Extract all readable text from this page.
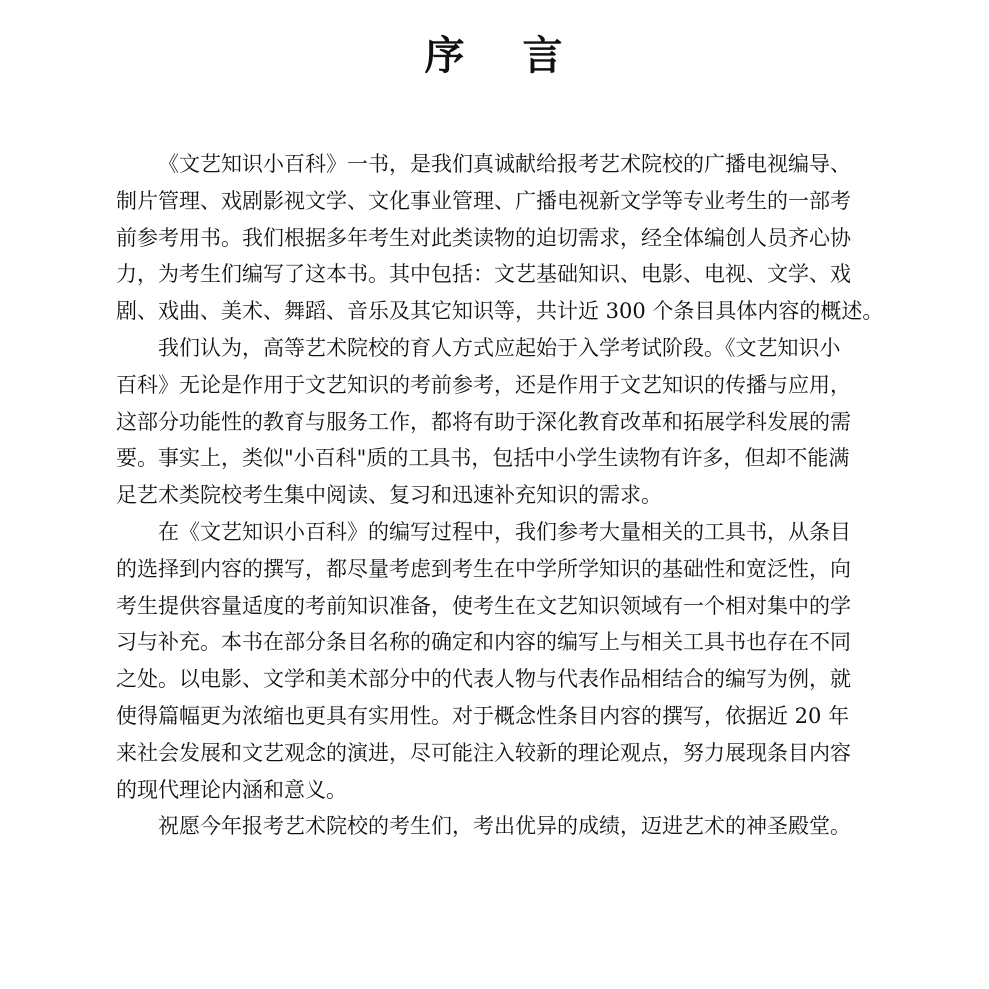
序 言
《文艺知识小百科》一书，是我们真诚献给报考艺术院校的广播电视编导、
制片管理、戏剧影视文学、文化事业管理、广播电视新文学等专业考生的一部考
前参考用书。我们根据多年考生对此类读物的迫切需求，经全体编创人员齐心协
力，为考生们编写了这本书。其中包括：文艺基础知识、电影、电视、文学、戏
剧、戏曲、美术、舞蹈、音乐及其它知识等，共计近 300 个条目具体内容的概述。
我们认为，高等艺术院校的育人方式应起始于入学考试阶段。《文艺知识小
百科》无论是作用于文艺知识的考前参考，还是作用于文艺知识的传播与应用，
这部分功能性的教育与服务工作，都将有助于深化教育改革和拓展学科发展的需
要。事实上，类似"小百科"质的工具书，包括中小学生读物有许多，但却不能满
足艺术类院校考生集中阅读、复习和迅速补充知识的需求。
在《文艺知识小百科》的编写过程中，我们参考大量相关的工具书，从条目
的选择到内容的撰写，都尽量考虑到考生在中学所学知识的基础性和宽泛性，向
考生提供容量适度的考前知识准备，使考生在文艺知识领域有一个相对集中的学
习与补充。本书在部分条目名称的确定和内容的编写上与相关工具书也存在不同
之处。以电影、文学和美术部分中的代表人物与代表作品相结合的编写为例，就
使得篇幅更为浓缩也更具有实用性。对于概念性条目内容的撰写，依据近 20 年
来社会发展和文艺观念的演进，尽可能注入较新的理论观点，努力展现条目内容
的现代理论内涵和意义。
祝愿今年报考艺术院校的考生们，考出优异的成绩，迈进艺术的神圣殿堂。
